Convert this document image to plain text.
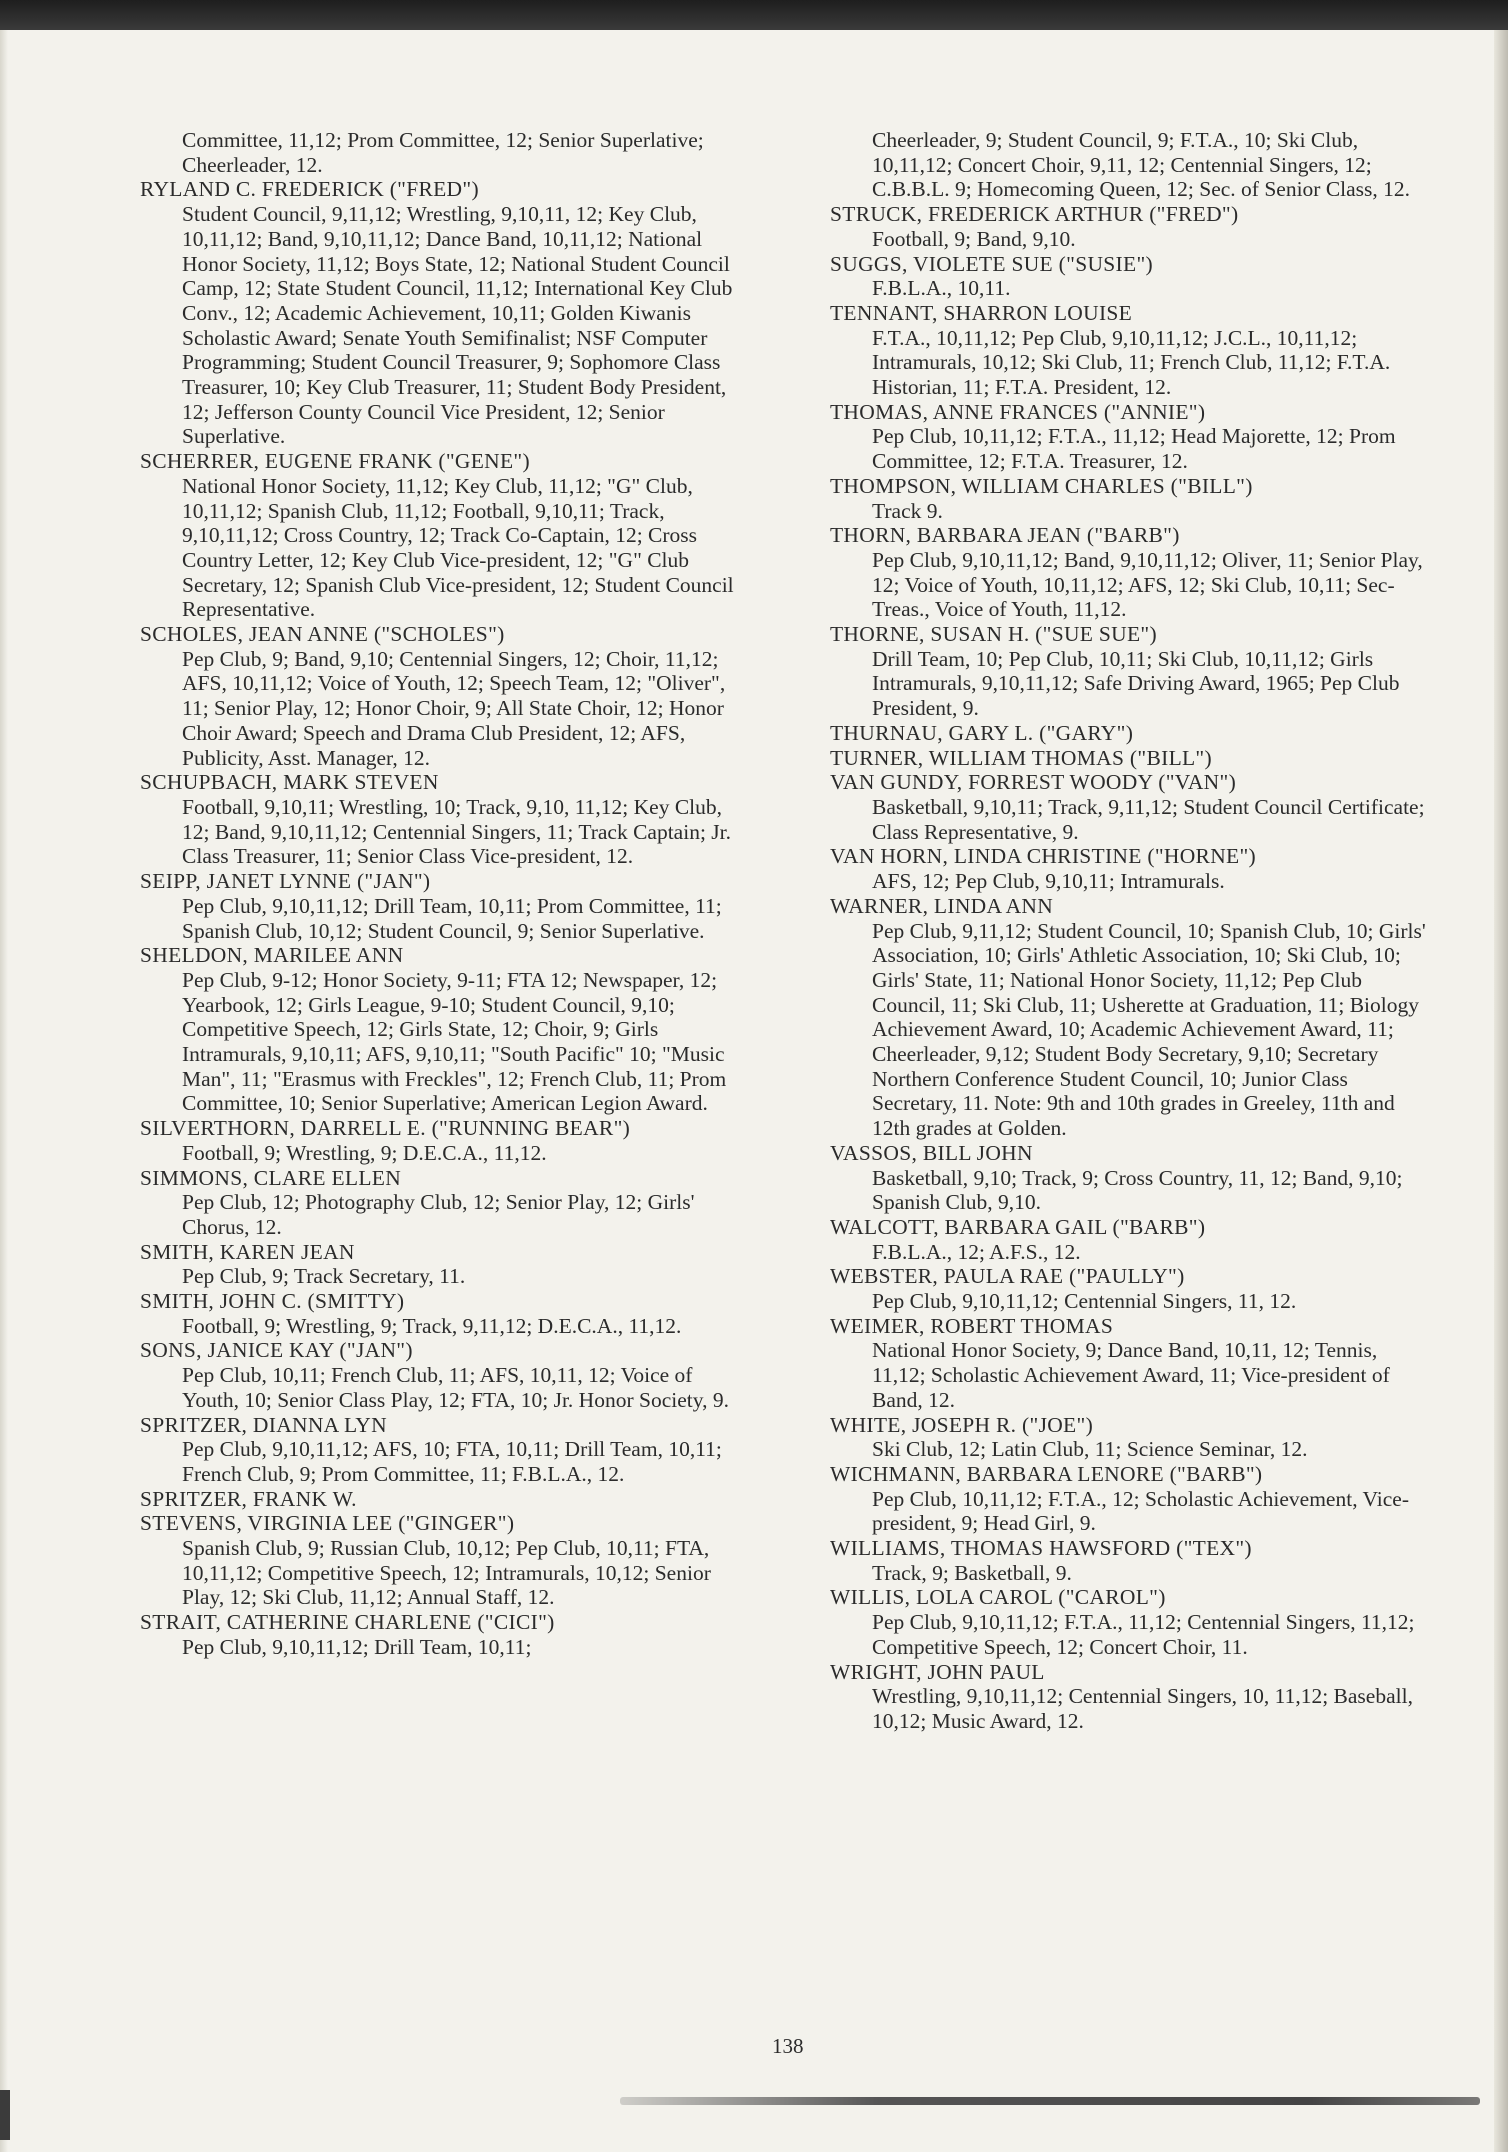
Committee, 11,12; Prom Committee, 12; Senior Superlative; Cheerleader, 12.

RYLAND C. FREDERICK ("FRED")

Student Council, 9,11,12; Wrestling, 9,10,11, 12; Key Club, 10,11,12; Band, 9,10,11,12; Dance Band, 10,11,12; National Honor Society, 11,12; Boys State, 12; National Student Council Camp, 12; State Student Council, 11,12; International Key Club Conv., 12; Academic Achievement, 10,11; Golden Kiwanis Scholastic Award; Senate Youth Semifinalist; NSF Computer Programming; Student Council Treasurer, 9; Sophomore Class Treasurer, 10; Key Club Treasurer, 11; Student Body President, 12; Jefferson County Council Vice President, 12; Senior Superlative.

SCHERRER, EUGENE FRANK ("GENE")

National Honor Society, 11,12; Key Club, 11,12; "G" Club, 10,11,12; Spanish Club, 11,12; Football, 9,10,11; Track, 9,10,11,12; Cross Country, 12; Track Co-Captain, 12; Cross Country Letter, 12; Key Club Vice-president, 12; "G" Club Secretary, 12; Spanish Club Vice-president, 12; Student Council Representative.

SCHOLES, JEAN ANNE ("SCHOLES")

Pep Club, 9; Band, 9,10; Centennial Singers, 12; Choir, 11,12; AFS, 10,11,12; Voice of Youth, 12; Speech Team, 12; "Oliver", 11; Senior Play, 12; Honor Choir, 9; All State Choir, 12; Honor Choir Award; Speech and Drama Club President, 12; AFS, Publicity, Asst. Manager, 12.

SCHUPBACH, MARK STEVEN

Football, 9,10,11; Wrestling, 10; Track, 9,10, 11,12; Key Club, 12; Band, 9,10,11,12; Centennial Singers, 11; Track Captain; Jr. Class Treasurer, 11; Senior Class Vice-president, 12.

SEIPP, JANET LYNNE ("JAN")

Pep Club, 9,10,11,12; Drill Team, 10,11; Prom Committee, 11; Spanish Club, 10,12; Student Council, 9; Senior Superlative.

SHELDON, MARILEE ANN

Pep Club, 9-12; Honor Society, 9-11; FTA 12; Newspaper, 12; Yearbook, 12; Girls League, 9-10; Student Council, 9,10; Competitive Speech, 12; Girls State, 12; Choir, 9; Girls Intramurals, 9,10,11; AFS, 9,10,11; "South Pacific" 10; "Music Man", 11; "Erasmus with Freckles", 12; French Club, 11; Prom Committee, 10; Senior Superlative; American Legion Award.

SILVERTHORN, DARRELL E. ("RUNNING BEAR")

Football, 9; Wrestling, 9; D.E.C.A., 11,12.

SIMMONS, CLARE ELLEN

Pep Club, 12; Photography Club, 12; Senior Play, 12; Girls' Chorus, 12.

SMITH, KAREN JEAN

Pep Club, 9; Track Secretary, 11.

SMITH, JOHN C. (SMITTY)

Football, 9; Wrestling, 9; Track, 9,11,12; D.E.C.A., 11,12.

SONS, JANICE KAY ("JAN")

Pep Club, 10,11; French Club, 11; AFS, 10,11, 12; Voice of Youth, 10; Senior Class Play, 12; FTA, 10; Jr. Honor Society, 9.

SPRITZER, DIANNA LYN

Pep Club, 9,10,11,12; AFS, 10; FTA, 10,11; Drill Team, 10,11; French Club, 9; Prom Committee, 11; F.B.L.A., 12.

SPRITZER, FRANK W.

STEVENS, VIRGINIA LEE ("GINGER")

Spanish Club, 9; Russian Club, 10,12; Pep Club, 10,11; FTA, 10,11,12; Competitive Speech, 12; Intramurals, 10,12; Senior Play, 12; Ski Club, 11,12; Annual Staff, 12.

STRAIT, CATHERINE CHARLENE ("CICI")

Pep Club, 9,10,11,12; Drill Team, 10,11;

Cheerleader, 9; Student Council, 9; F.T.A., 10; Ski Club, 10,11,12; Concert Choir, 9,11, 12; Centennial Singers, 12; C.B.B.L. 9; Homecoming Queen, 12; Sec. of Senior Class, 12.

STRUCK, FREDERICK ARTHUR ("FRED")

Football, 9; Band, 9,10.

SUGGS, VIOLETE SUE ("SUSIE")

F.B.L.A., 10,11.

TENNANT, SHARRON LOUISE

F.T.A., 10,11,12; Pep Club, 9,10,11,12; J.C.L., 10,11,12; Intramurals, 10,12; Ski Club, 11; French Club, 11,12; F.T.A. Historian, 11; F.T.A. President, 12.

THOMAS, ANNE FRANCES ("ANNIE")

Pep Club, 10,11,12; F.T.A., 11,12; Head Majorette, 12; Prom Committee, 12; F.T.A. Treasurer, 12.

THOMPSON, WILLIAM CHARLES ("BILL")

Track 9.

THORN, BARBARA JEAN ("BARB")

Pep Club, 9,10,11,12; Band, 9,10,11,12; Oliver, 11; Senior Play, 12; Voice of Youth, 10,11,12; AFS, 12; Ski Club, 10,11; Sec-Treas., Voice of Youth, 11,12.

THORNE, SUSAN H. ("SUE SUE")

Drill Team, 10; Pep Club, 10,11; Ski Club, 10,11,12; Girls Intramurals, 9,10,11,12; Safe Driving Award, 1965; Pep Club President, 9.

THURNAU, GARY L. ("GARY")

TURNER, WILLIAM THOMAS ("BILL")

VAN GUNDY, FORREST WOODY ("VAN")

Basketball, 9,10,11; Track, 9,11,12; Student Council Certificate; Class Representative, 9.

VAN HORN, LINDA CHRISTINE ("HORNE")

AFS, 12; Pep Club, 9,10,11; Intramurals.

WARNER, LINDA ANN

Pep Club, 9,11,12; Student Council, 10; Spanish Club, 10; Girls' Association, 10; Girls' Athletic Association, 10; Ski Club, 10; Girls' State, 11; National Honor Society, 11,12; Pep Club Council, 11; Ski Club, 11; Usherette at Graduation, 11; Biology Achievement Award, 10; Academic Achievement Award, 11; Cheerleader, 9,12; Student Body Secretary, 9,10; Secretary Northern Conference Student Council, 10; Junior Class Secretary, 11. Note: 9th and 10th grades in Greeley, 11th and 12th grades at Golden.

VASSOS, BILL JOHN

Basketball, 9,10; Track, 9; Cross Country, 11, 12; Band, 9,10; Spanish Club, 9,10.

WALCOTT, BARBARA GAIL ("BARB")

F.B.L.A., 12; A.F.S., 12.

WEBSTER, PAULA RAE ("PAULLY")

Pep Club, 9,10,11,12; Centennial Singers, 11, 12.

WEIMER, ROBERT THOMAS

National Honor Society, 9; Dance Band, 10,11, 12; Tennis, 11,12; Scholastic Achievement Award, 11; Vice-president of Band, 12.

WHITE, JOSEPH R. ("JOE")

Ski Club, 12; Latin Club, 11; Science Seminar, 12.

WICHMANN, BARBARA LENORE ("BARB")

Pep Club, 10,11,12; F.T.A., 12; Scholastic Achievement, Vice-president, 9; Head Girl, 9.

WILLIAMS, THOMAS HAWSFORD ("TEX")

Track, 9; Basketball, 9.

WILLIS, LOLA CAROL ("CAROL")

Pep Club, 9,10,11,12; F.T.A., 11,12; Centennial Singers, 11,12; Competitive Speech, 12; Concert Choir, 11.

WRIGHT, JOHN PAUL

Wrestling, 9,10,11,12; Centennial Singers, 10, 11,12; Baseball, 10,12; Music Award, 12.

138
